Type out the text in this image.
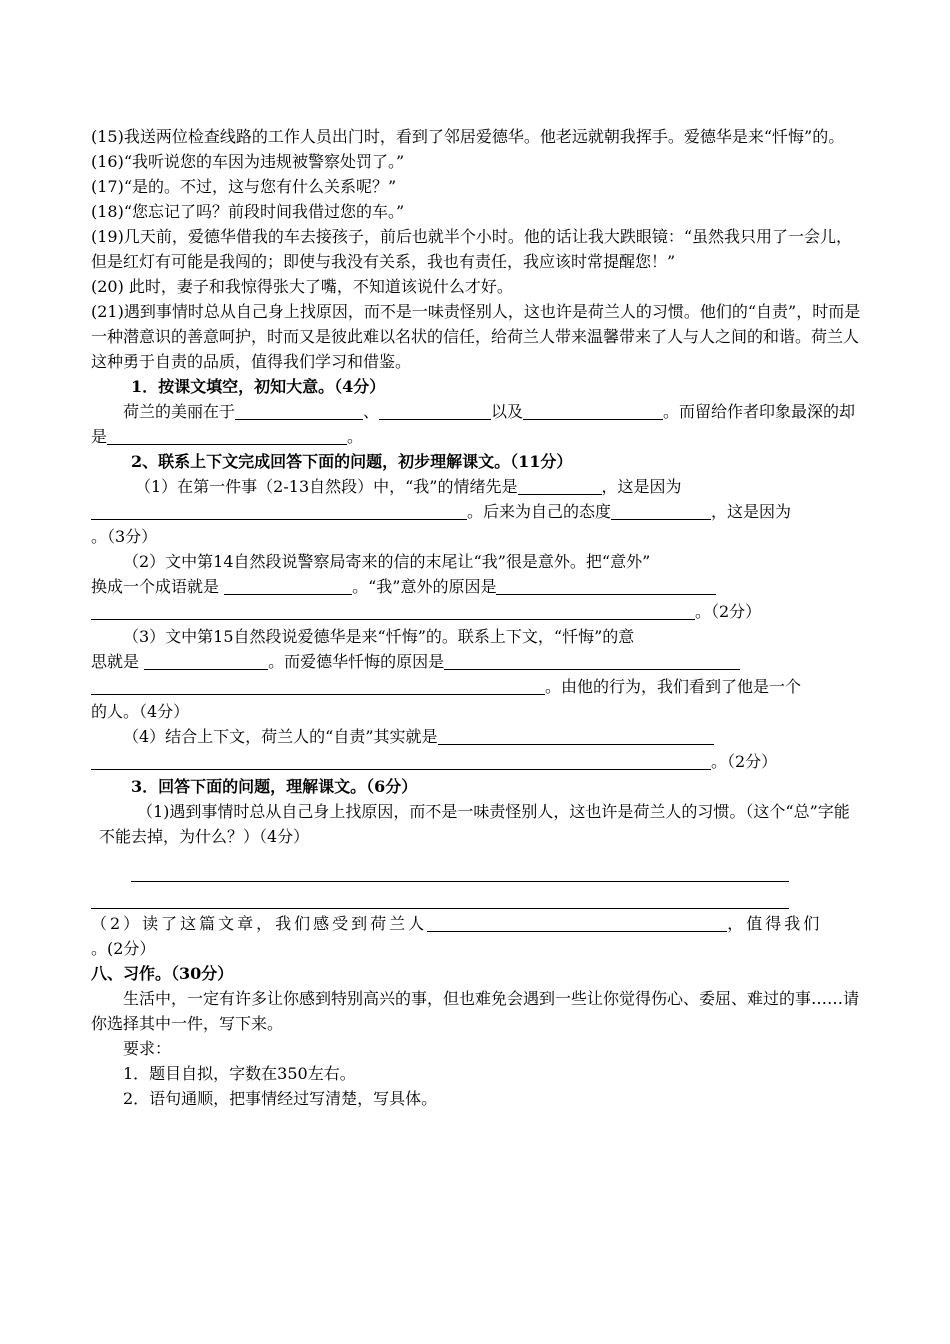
(15)我送两位检查线路的工作人员出门时，看到了邻居爱德华。他老远就朝我挥手。爱德华是来“忏悔”的。

(16)“我听说您的车因为违规被警察处罚了。”

(17)“是的。不过，这与您有什么关系呢？”

(18)“您忘记了吗？前段时间我借过您的车。”

(19)几天前，爱德华借我的车去接孩子，前后也就半个小时。他的话让我大跌眼镜：“虽然我只用了一会儿，但是红灯有可能是我闯的；即使与我没有关系，我也有责任，我应该时常提醒您！”

(20) 此时，妻子和我惊得张大了嘴，不知道该说什么才好。

(21)遇到事情时总从自己身上找原因，而不是一味责怪别人，这也许是荷兰人的习惯。他们的“自责”，时而是一种潜意识的善意呵护，时而又是彼此难以名状的信任，给荷兰人带来温馨带来了人与人之间的和谐。荷兰人这种勇于自责的品质，值得我们学习和借鉴。

1．按课文填空，初知大意。（4分）

荷兰的美丽在于	、	以及	。而留给作者印象最深的却是	。

2、联系上下文完成回答下面的问题，初步理解课文。（11分）

（1）在第一件事（2-13自然段）中，“我”的情绪先是	，这是因为

。后来为自己的态度	，这是因为

。（3分）

（2）文中第14自然段说警察局寄来的信的末尾让“我”很是意外。把“意外”

换成一个成语就是	。“我”意外的原因是

。（2分）

（3）文中第15自然段说爱德华是来“忏悔”的。联系上下文，“忏悔”的意

思就是	。而爱德华忏悔的原因是

。由他的行为，我们看到了他是一个

的人。（4分）

（4）结合上下文，荷兰人的“自责”其实就是

。（2分）

3．回答下面的问题，理解课文。（6分）

（1)遇到事情时总从自己身上找原因，而不是一味责怪别人，这也许是荷兰人的习惯。（这个“总”字能不能去掉，为什么？）（4分）

（2）读了这篇文章，我们感受到荷兰人	，值得我们

。(2分）

八、习作。（30分）

生活中，一定有许多让你感到特别高兴的事，但也难免会遇到一些让你觉得伤心、委屈、难过的事……请你选择其中一件，写下来。

要求：

1．题目自拟，字数在350左右。

2．语句通顺，把事情经过写清楚，写具体。
